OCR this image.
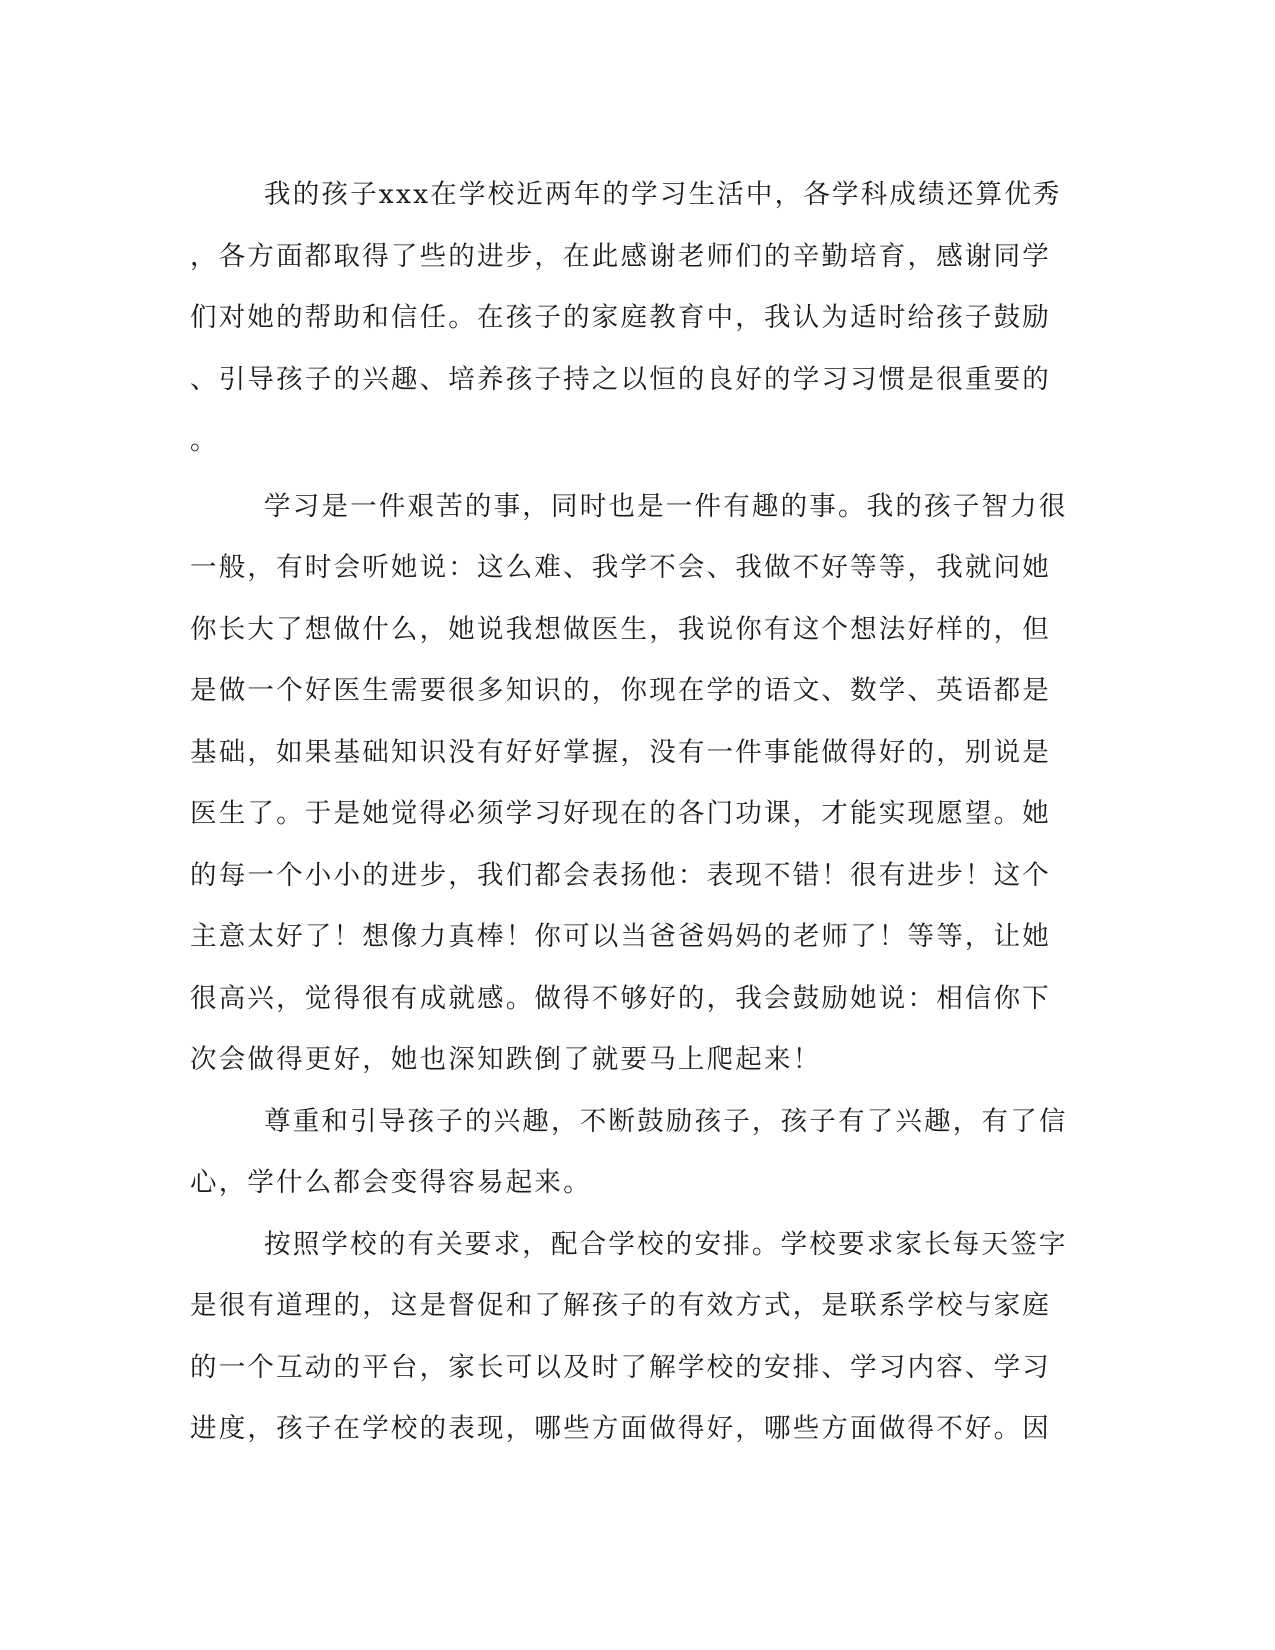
我的孩子xxx在学校近两年的学习生活中，各学科成绩还算优秀
，各方面都取得了些的进步，在此感谢老师们的辛勤培育，感谢同学
们对她的帮助和信任。在孩子的家庭教育中，我认为适时给孩子鼓励
、引导孩子的兴趣、培养孩子持之以恒的良好的学习习惯是很重要的
。
学习是一件艰苦的事，同时也是一件有趣的事。我的孩子智力很
一般，有时会听她说：这么难、我学不会、我做不好等等，我就问她
你长大了想做什么，她说我想做医生，我说你有这个想法好样的，但
是做一个好医生需要很多知识的，你现在学的语文、数学、英语都是
基础，如果基础知识没有好好掌握，没有一件事能做得好的，别说是
医生了。于是她觉得必须学习好现在的各门功课，才能实现愿望。她
的每一个小小的进步，我们都会表扬他：表现不错！很有进步！这个
主意太好了！想像力真棒！你可以当爸爸妈妈的老师了！等等，让她
很高兴，觉得很有成就感。做得不够好的，我会鼓励她说：相信你下
次会做得更好，她也深知跌倒了就要马上爬起来！
尊重和引导孩子的兴趣，不断鼓励孩子，孩子有了兴趣，有了信
心，学什么都会变得容易起来。
按照学校的有关要求，配合学校的安排。学校要求家长每天签字
是很有道理的，这是督促和了解孩子的有效方式，是联系学校与家庭
的一个互动的平台，家长可以及时了解学校的安排、学习内容、学习
进度，孩子在学校的表现，哪些方面做得好，哪些方面做得不好。因
